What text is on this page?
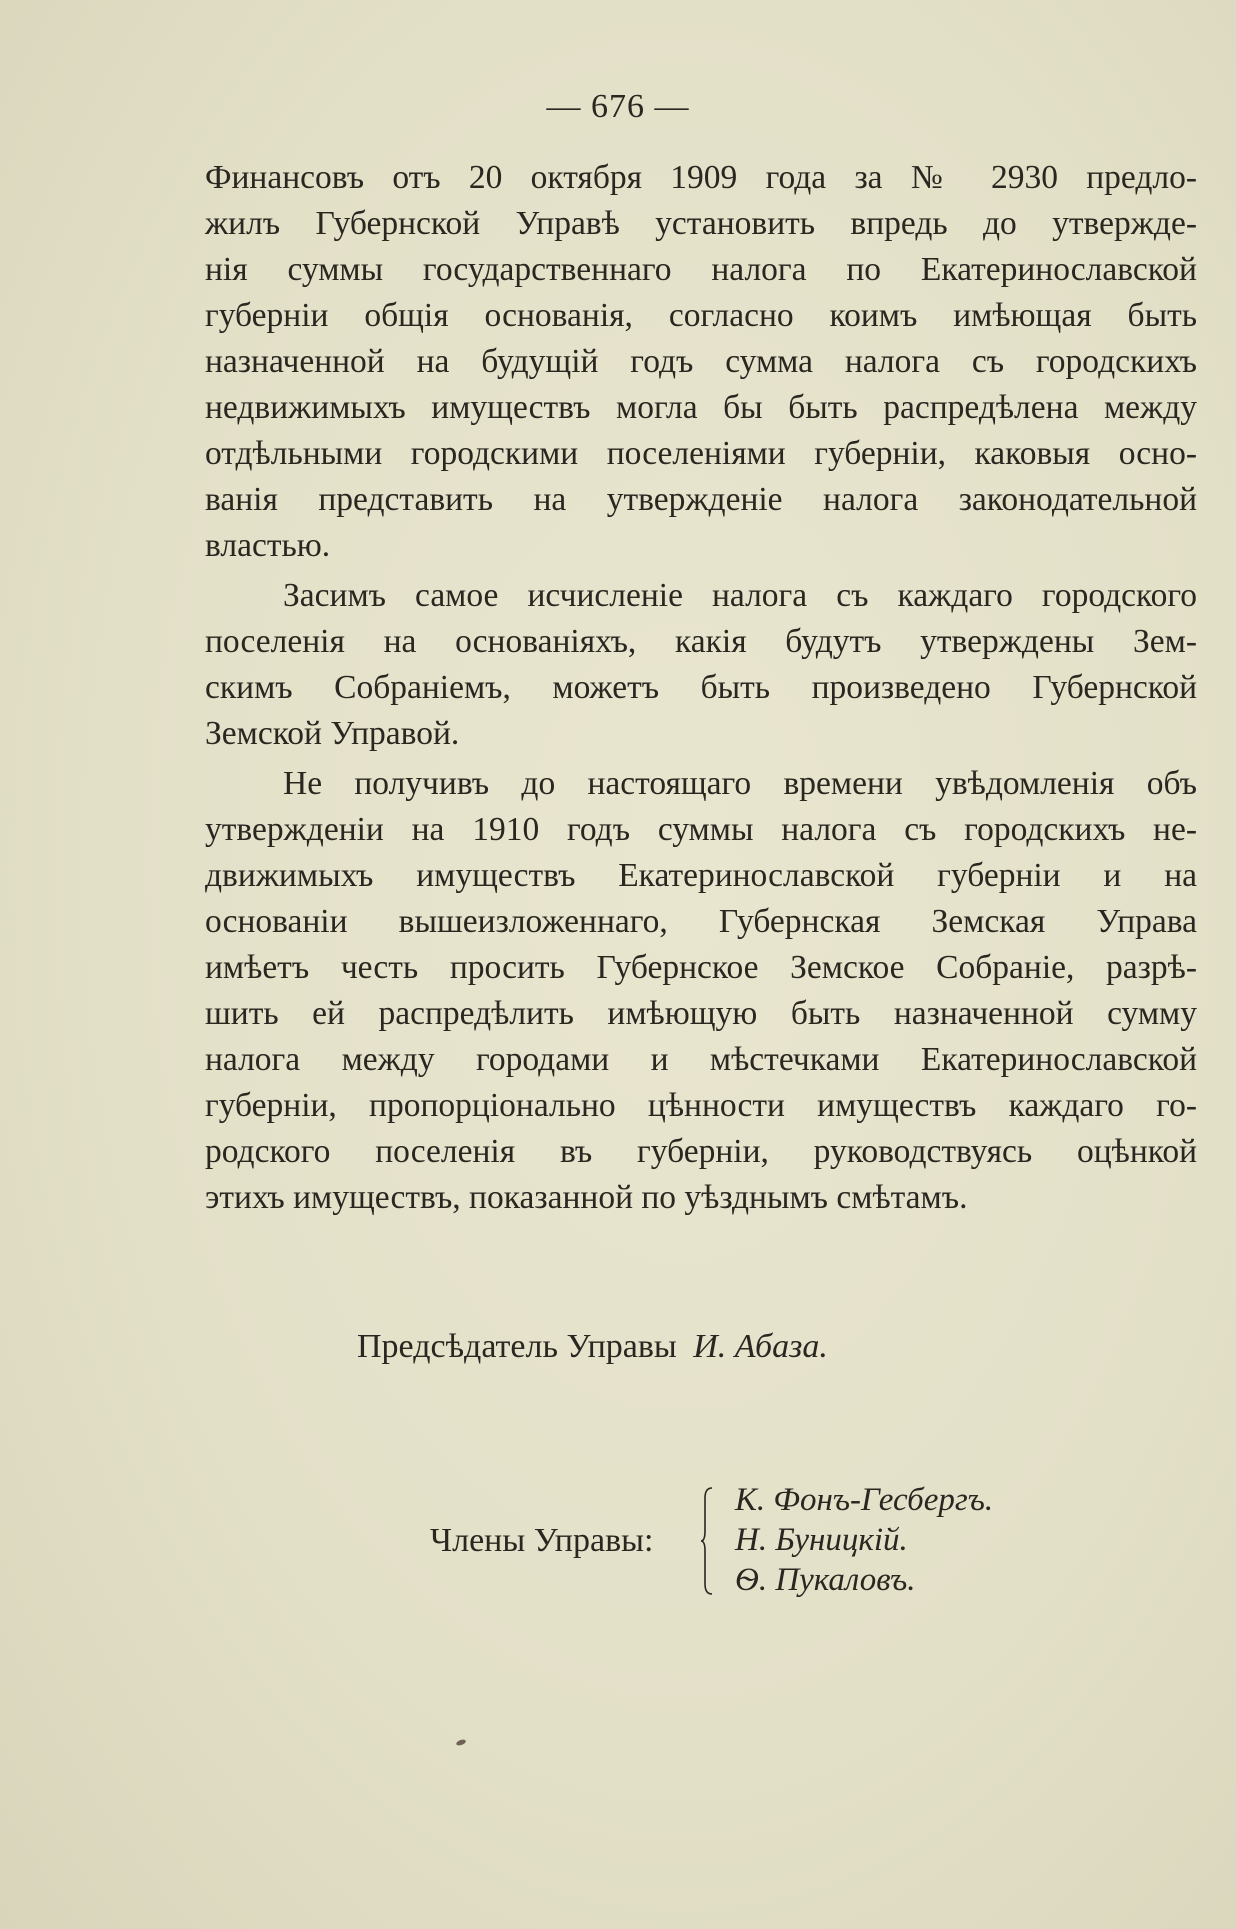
— 676 —
Финансовъ отъ 20 октября 1909 года за № 2930 предло-
жилъ Губернской Управѣ установить впредь до утвержде-
нія суммы государственнаго налога по Екатеринославской
губерніи общія основанія, согласно коимъ имѣющая быть
назначенной на будущій годъ сумма налога съ городскихъ
недвижимыхъ имуществъ могла бы быть распредѣлена между
отдѣльными городскими поселеніями губерніи, каковыя осно-
ванія представить на утвержденіе налога законодательной
властью.
Засимъ самое исчисленіе налога съ каждаго городского
поселенія на основаніяхъ, какія будутъ утверждены Зем-
скимъ Собраніемъ, можетъ быть произведено Губернской
Земской Управой.
Не получивъ до настоящаго времени увѣдомленія объ
утвержденіи на 1910 годъ суммы налога съ городскихъ не-
движимыхъ имуществъ Екатеринославской губерніи и на
основаніи вышеизложеннаго, Губернская Земская Управа
имѣетъ честь просить Губернское Земское Собраніе, разрѣ-
шить ей распредѣлить имѣющую быть назначенной сумму
налога между городами и мѣстечками Екатеринославской
губерніи, пропорціонально цѣнности имуществъ каждаго го-
родского поселенія въ губерніи, руководствуясь оцѣнкой
этихъ имуществъ, показанной по уѣзднымъ смѣтамъ.
Предсѣдатель Управы И. Абаза.
Члены Управы:
К. Фонъ-Гесбергъ.
Н. Буницкій.
Ѳ. Пукаловъ.
